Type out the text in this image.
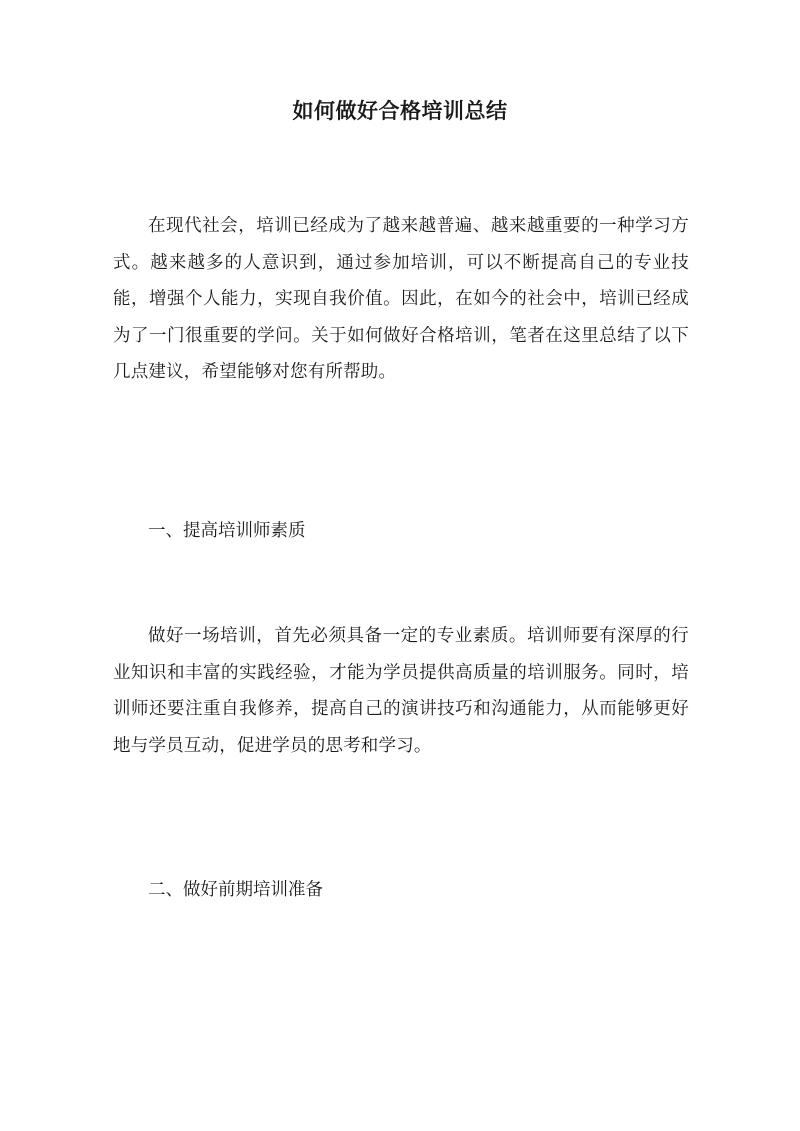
如何做好合格培训总结
在现代社会，培训已经成为了越来越普遍、越来越重要的一种学习方式。越来越多的人意识到，通过参加培训，可以不断提高自己的专业技能，增强个人能力，实现自我价值。因此，在如今的社会中，培训已经成为了一门很重要的学问。关于如何做好合格培训，笔者在这里总结了以下几点建议，希望能够对您有所帮助。
一、提高培训师素质
做好一场培训，首先必须具备一定的专业素质。培训师要有深厚的行业知识和丰富的实践经验，才能为学员提供高质量的培训服务。同时，培训师还要注重自我修养，提高自己的演讲技巧和沟通能力，从而能够更好地与学员互动，促进学员的思考和学习。
二、做好前期培训准备
